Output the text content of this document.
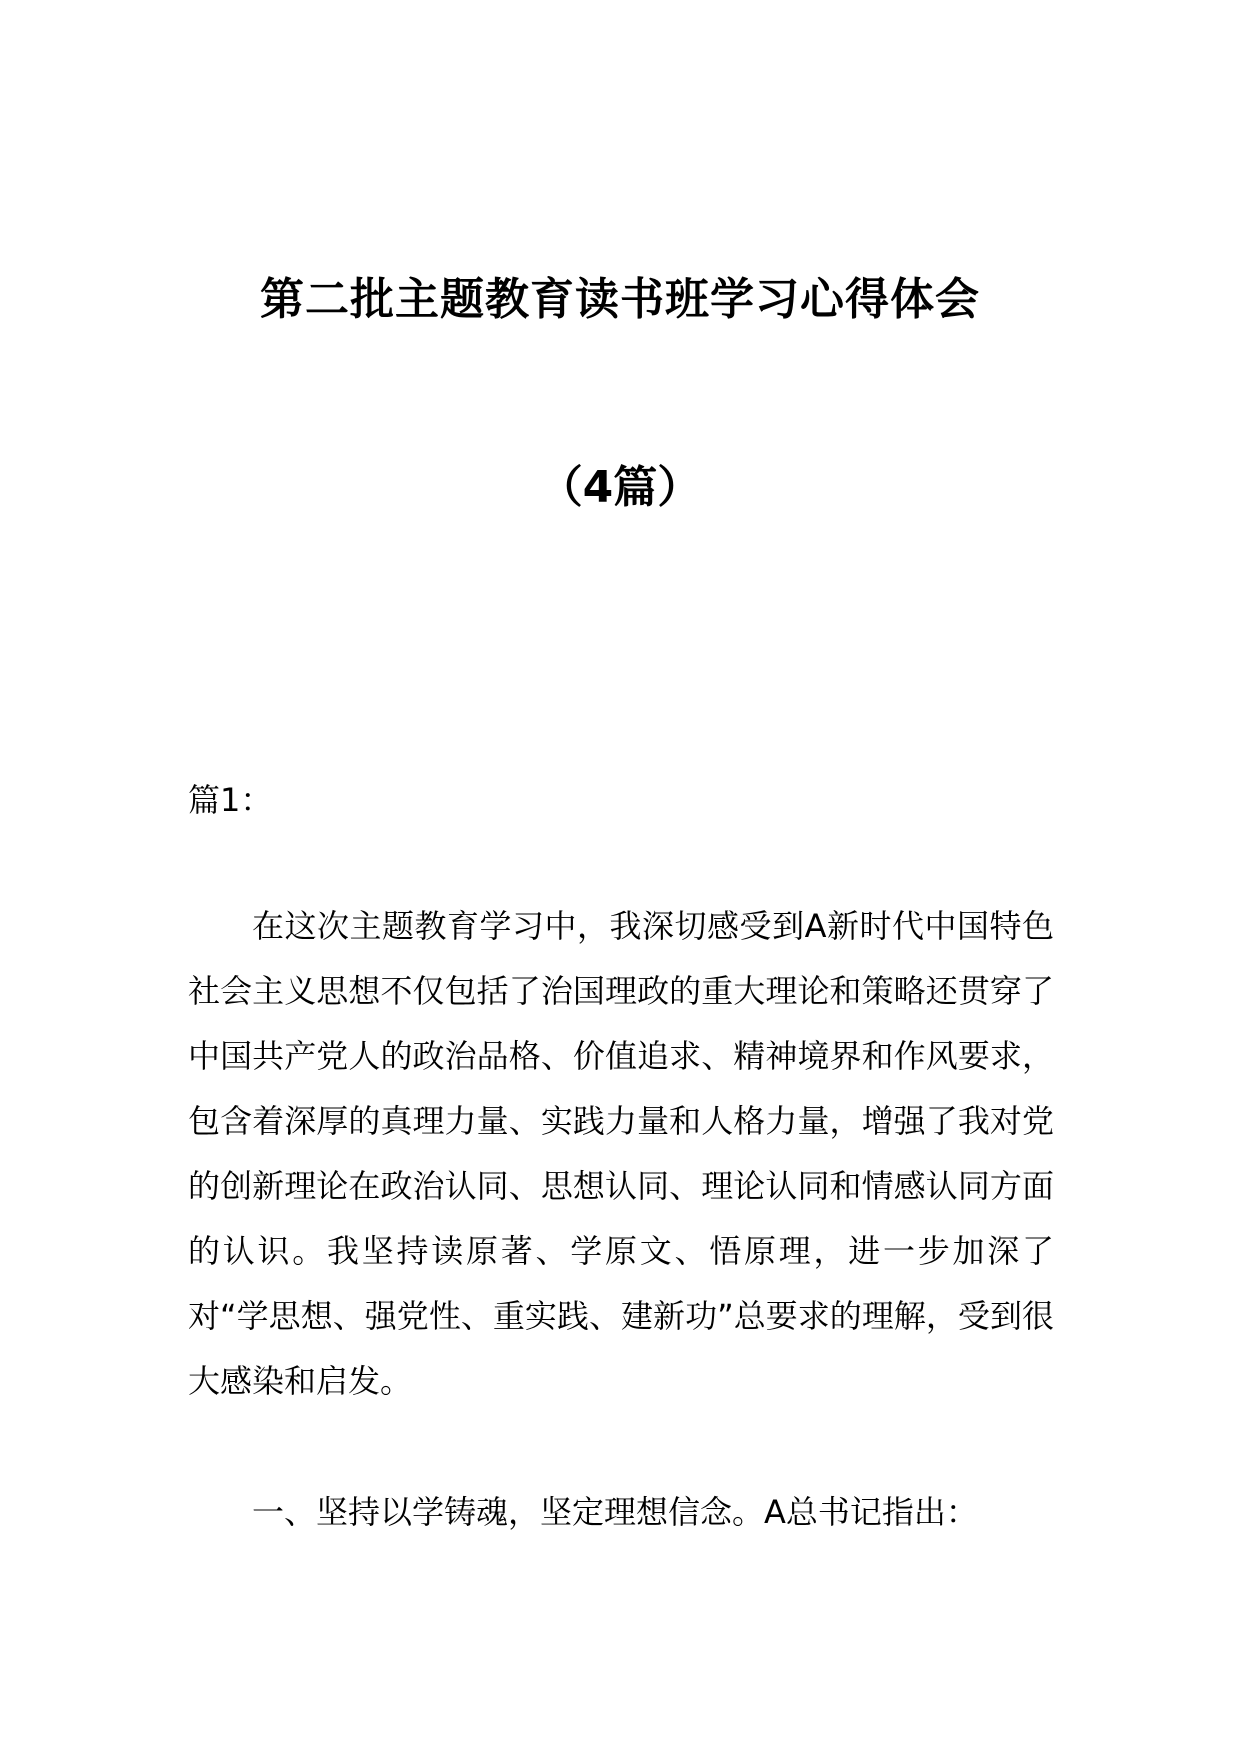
第二批主题教育读书班学习心得体会
（4篇）

篇1：

在这次主题教育学习中，我深切感受到A新时代中国特色社会主义思想不仅包括了治国理政的重大理论和策略还贯穿了中国共产党人的政治品格、价值追求、精神境界和作风要求，包含着深厚的真理力量、实践力量和人格力量，增强了我对党的创新理论在政治认同、思想认同、理论认同和情感认同方面的认识。我坚持读原著、学原文、悟原理，进一步加深了对“学思想、强党性、重实践、建新功”总要求的理解，受到很大感染和启发。

一、坚持以学铸魂，坚定理想信念。A总书记指出：
